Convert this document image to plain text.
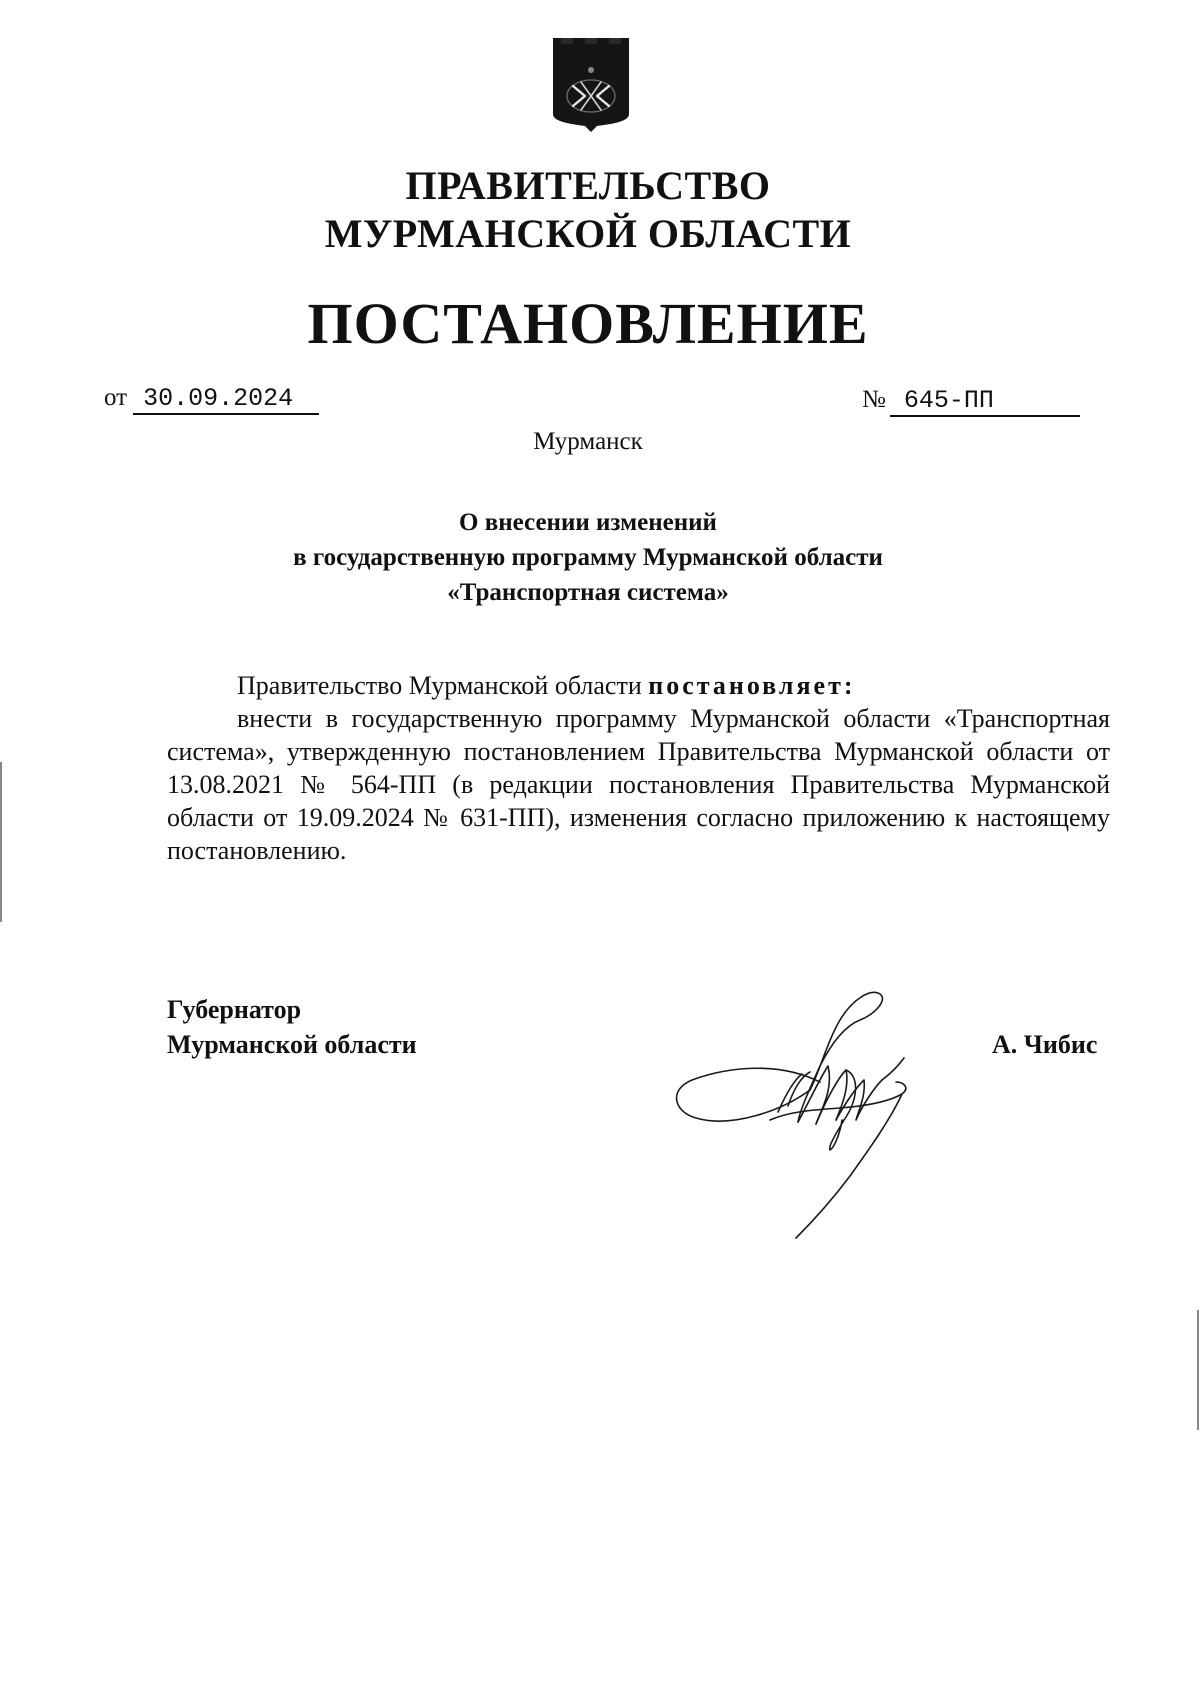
ПРАВИТЕЛЬСТВО
МУРМАНСКОЙ ОБЛАСТИ
ПОСТАНОВЛЕНИЕ
от 30.09.2024	№ 645-ПП
Мурманск
О внесении изменений
в государственную программу Мурманской области
«Транспортная система»
Правительство Мурманской области постановляет:
внести в государственную программу Мурманской области «Транспортная система», утвержденную постановлением Правительства Мурманской области от 13.08.2021 № 564-ПП (в редакции постановления Правительства Мурманской области от 19.09.2024 № 631-ПП), изменения согласно приложению к настоящему постановлению.
Губернатор
Мурманской области	А. Чибис
